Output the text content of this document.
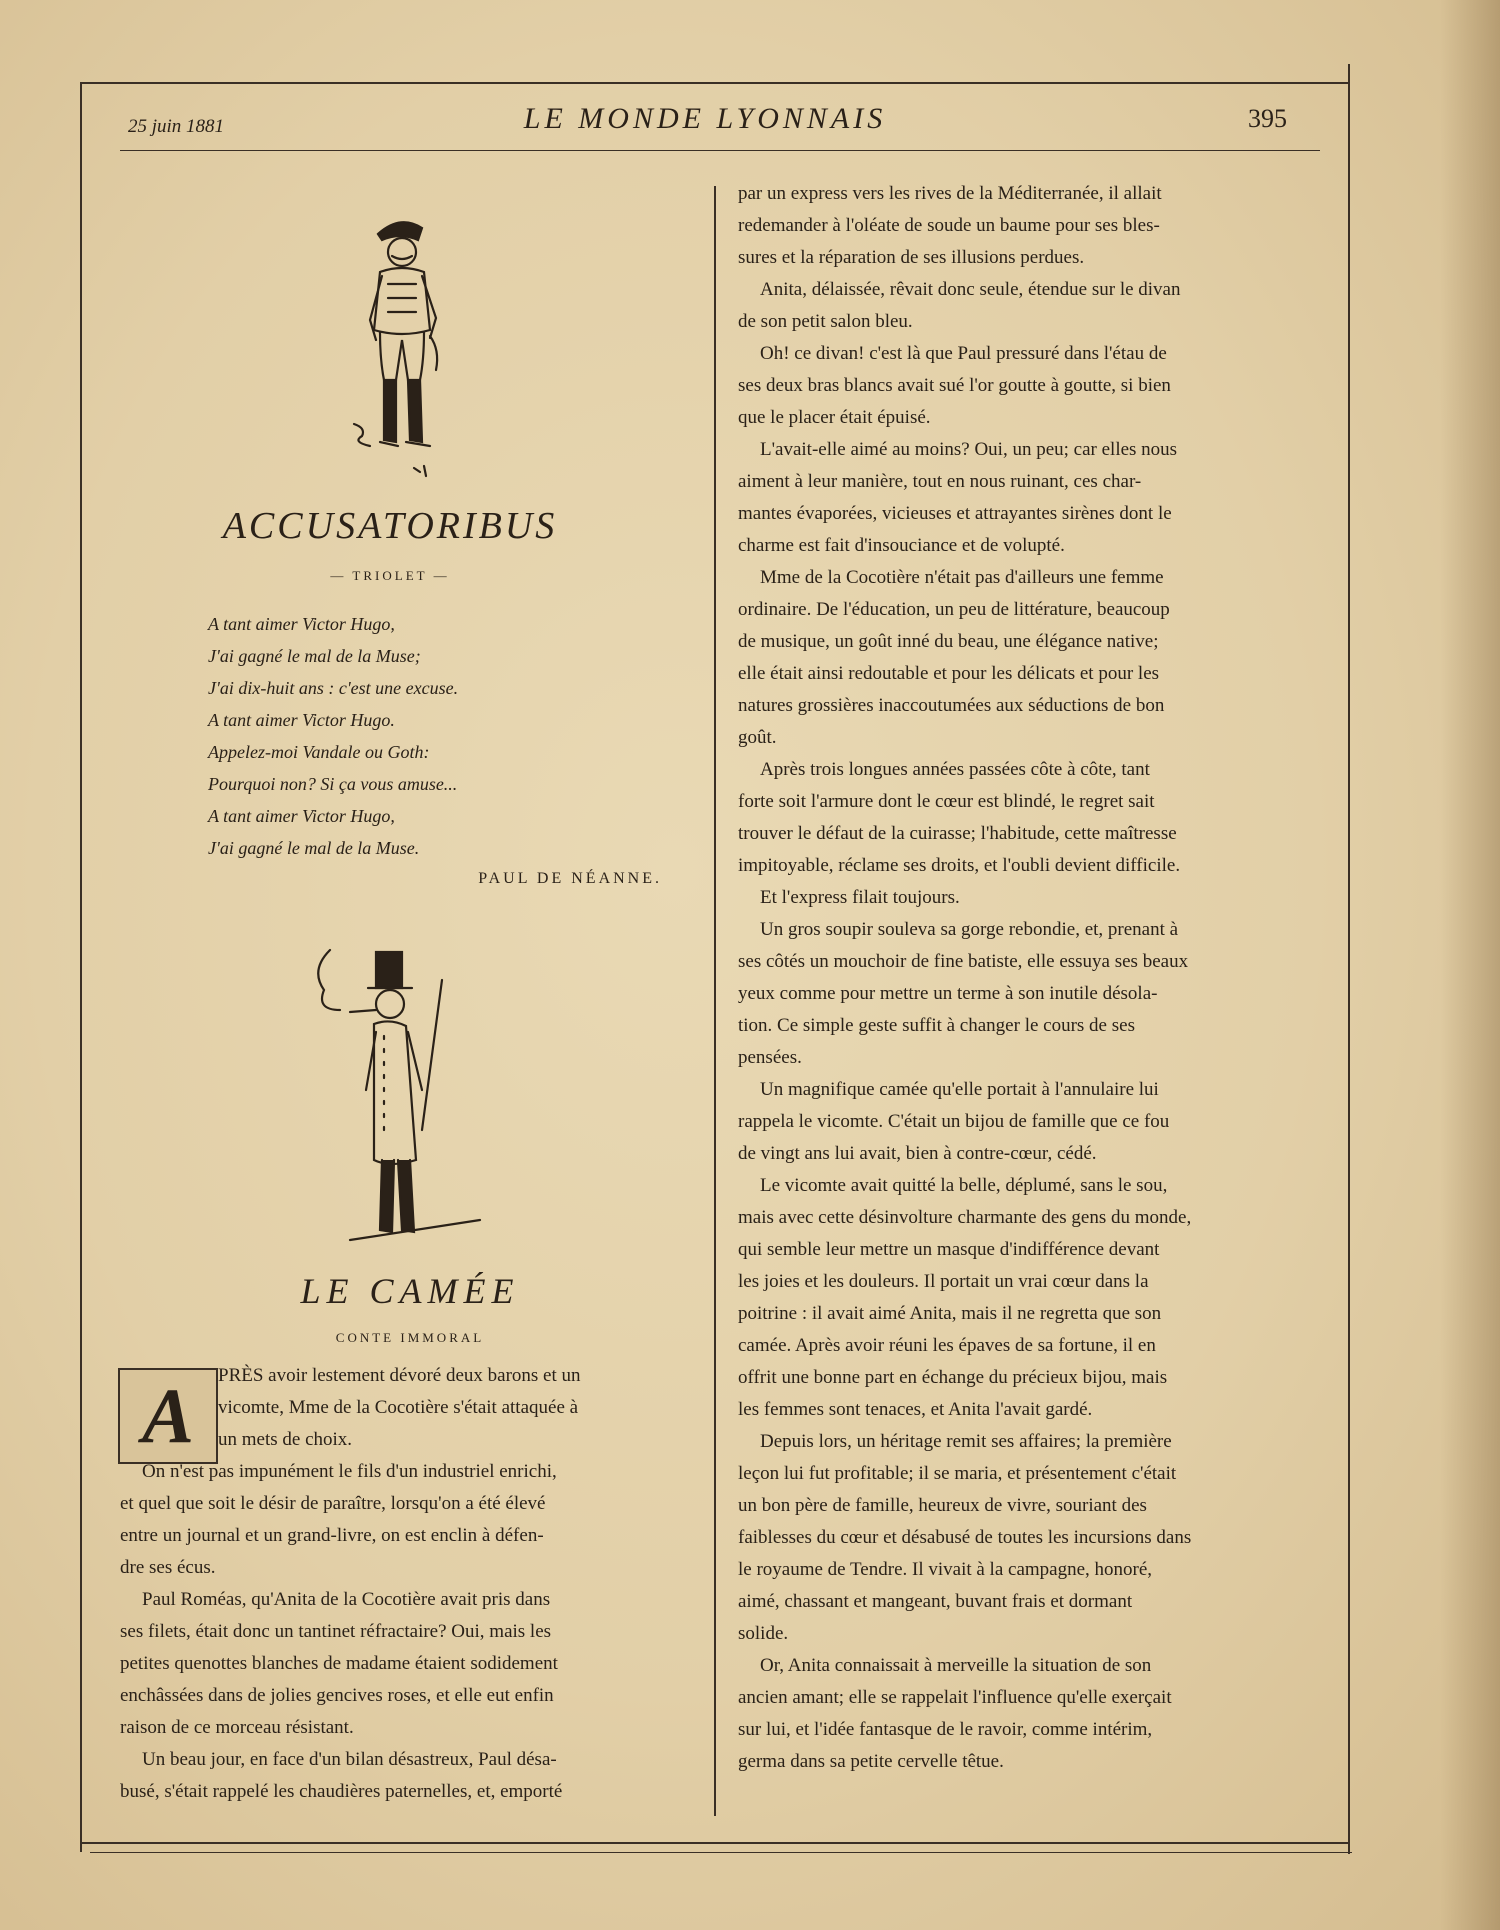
25 juin 1881	LE MONDE LYONNAIS	395
ACCUSATORIBUS
— TRIOLET —
A tant aimer Victor Hugo,
J'ai gagné le mal de la Muse;
J'ai dix-huit ans : c'est une excuse.
A tant aimer Victor Hugo.
Appelez-moi Vandale ou Goth:
Pourquoi non? Si ça vous amuse...
A tant aimer Victor Hugo,
J'ai gagné le mal de la Muse.
PAUL DE NÉANNE.
LE CAMÉE
CONTE IMMORAL
A	PRÈS avoir lestement dévoré deux barons et un
vicomte, Mme de la Cocotière s'était attaquée à
un mets de choix.
On n'est pas impunément le fils d'un industriel enrichi,
et quel que soit le désir de paraître, lorsqu'on a été élevé
entre un journal et un grand-livre, on est enclin à défen-
dre ses écus.
Paul Roméas, qu'Anita de la Cocotière avait pris dans
ses filets, était donc un tantinet réfractaire? Oui, mais les
petites quenottes blanches de madame étaient sodidement
enchâssées dans de jolies gencives roses, et elle eut enfin
raison de ce morceau résistant.
Un beau jour, en face d'un bilan désastreux, Paul désa-
busé, s'était rappelé les chaudières paternelles, et, emporté
par un express vers les rives de la Méditerranée, il allait
redemander à l'oléate de soude un baume pour ses bles-
sures et la réparation de ses illusions perdues.
Anita, délaissée, rêvait donc seule, étendue sur le divan
de son petit salon bleu.
Oh! ce divan! c'est là que Paul pressuré dans l'étau de
ses deux bras blancs avait sué l'or goutte à goutte, si bien
que le placer était épuisé.
L'avait-elle aimé au moins? Oui, un peu; car elles nous
aiment à leur manière, tout en nous ruinant, ces char-
mantes évaporées, vicieuses et attrayantes sirènes dont le
charme est fait d'insouciance et de volupté.
Mme de la Cocotière n'était pas d'ailleurs une femme
ordinaire. De l'éducation, un peu de littérature, beaucoup
de musique, un goût inné du beau, une élégance native;
elle était ainsi redoutable et pour les délicats et pour les
natures grossières inaccoutumées aux séductions de bon
goût.
Après trois longues années passées côte à côte, tant
forte soit l'armure dont le cœur est blindé, le regret sait
trouver le défaut de la cuirasse; l'habitude, cette maîtresse
impitoyable, réclame ses droits, et l'oubli devient difficile.
Et l'express filait toujours.
Un gros soupir souleva sa gorge rebondie, et, prenant à
ses côtés un mouchoir de fine batiste, elle essuya ses beaux
yeux comme pour mettre un terme à son inutile désola-
tion. Ce simple geste suffit à changer le cours de ses
pensées.
Un magnifique camée qu'elle portait à l'annulaire lui
rappela le vicomte. C'était un bijou de famille que ce fou
de vingt ans lui avait, bien à contre-cœur, cédé.
Le vicomte avait quitté la belle, déplumé, sans le sou,
mais avec cette désinvolture charmante des gens du monde,
qui semble leur mettre un masque d'indifférence devant
les joies et les douleurs. Il portait un vrai cœur dans la
poitrine : il avait aimé Anita, mais il ne regretta que son
camée. Après avoir réuni les épaves de sa fortune, il en
offrit une bonne part en échange du précieux bijou, mais
les femmes sont tenaces, et Anita l'avait gardé.
Depuis lors, un héritage remit ses affaires; la première
leçon lui fut profitable; il se maria, et présentement c'était
un bon père de famille, heureux de vivre, souriant des
faiblesses du cœur et désabusé de toutes les incursions dans
le royaume de Tendre. Il vivait à la campagne, honoré,
aimé, chassant et mangeant, buvant frais et dormant
solide.
Or, Anita connaissait à merveille la situation de son
ancien amant; elle se rappelait l'influence qu'elle exerçait
sur lui, et l'idée fantasque de le ravoir, comme intérim,
germa dans sa petite cervelle têtue.
